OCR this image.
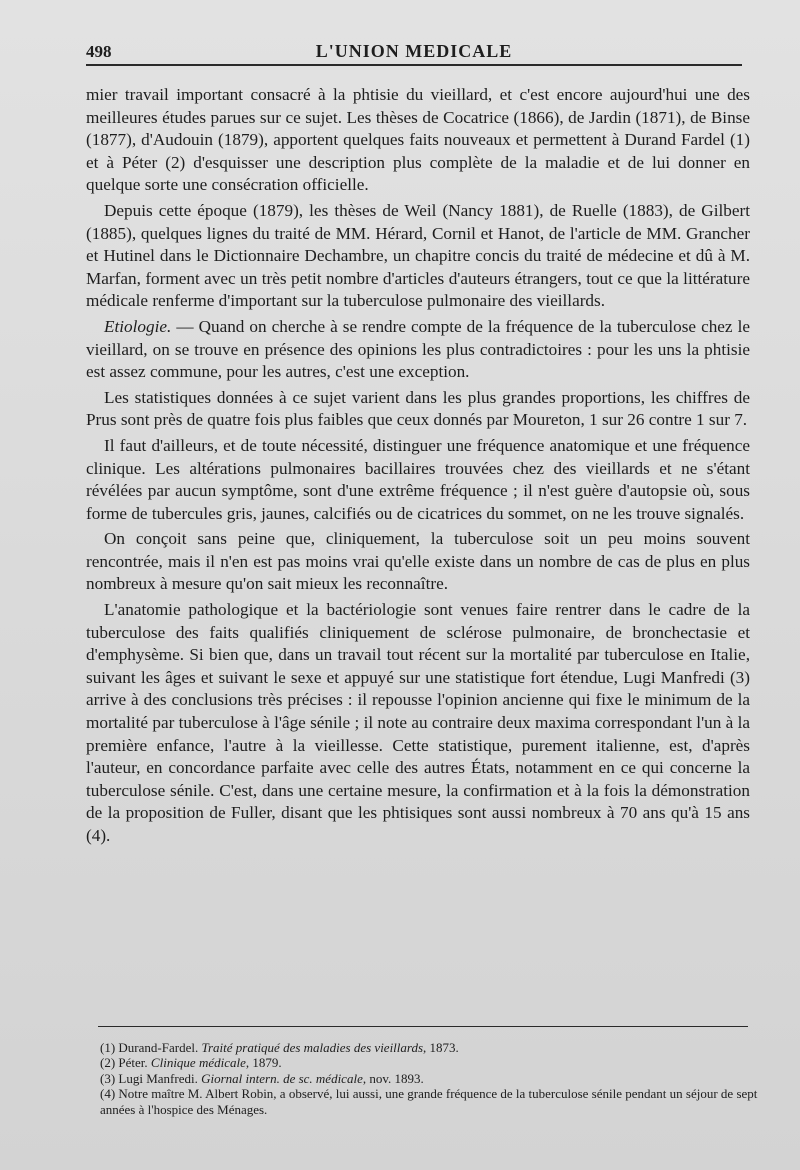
498	L'UNION MEDICALE

mier travail important consacré à la phtisie du vieillard, et c'est encore aujourd'hui une des meilleures études parues sur ce sujet. Les thèses de Cocatrice (1866), de Jardin (1871), de Binse (1877), d'Audouin (1879), apportent quelques faits nouveaux et permettent à Durand Fardel (1) et à Péter (2) d'esquisser une description plus complète de la maladie et de lui donner en quelque sorte une consécration officielle.

Depuis cette époque (1879), les thèses de Weil (Nancy 1881), de Ruelle (1883), de Gilbert (1885), quelques lignes du traité de MM. Hérard, Cornil et Hanot, de l'article de MM. Grancher et Hutinel dans le Dictionnaire Dechambre, un chapitre concis du traité de médecine et dû à M. Marfan, forment avec un très petit nombre d'articles d'auteurs étrangers, tout ce que la littérature médicale renferme d'important sur la tuberculose pulmonaire des vieillards.

Etiologie. — Quand on cherche à se rendre compte de la fréquence de la tuberculose chez le vieillard, on se trouve en présence des opinions les plus contradictoires : pour les uns la phtisie est assez commune, pour les autres, c'est une exception.

Les statistiques données à ce sujet varient dans les plus grandes proportions, les chiffres de Prus sont près de quatre fois plus faibles que ceux donnés par Moureton, 1 sur 26 contre 1 sur 7.

Il faut d'ailleurs, et de toute nécessité, distinguer une fréquence anatomique et une fréquence clinique. Les altérations pulmonaires bacillaires trouvées chez des vieillards et ne s'étant révélées par aucun symptôme, sont d'une extrême fréquence ; il n'est guère d'autopsie où, sous forme de tubercules gris, jaunes, calcifiés ou de cicatrices du sommet, on ne les trouve signalés.

On conçoit sans peine que, cliniquement, la tuberculose soit un peu moins souvent rencontrée, mais il n'en est pas moins vrai qu'elle existe dans un nombre de cas de plus en plus nombreux à mesure qu'on sait mieux les reconnaître.

L'anatomie pathologique et la bactériologie sont venues faire rentrer dans le cadre de la tuberculose des faits qualifiés cliniquement de sclérose pulmonaire, de bronchectasie et d'emphysème. Si bien que, dans un travail tout récent sur la mortalité par tuberculose en Italie, suivant les âges et suivant le sexe et appuyé sur une statistique fort étendue, Lugi Manfredi (3) arrive à des conclusions très précises : il repousse l'opinion ancienne qui fixe le minimum de la mortalité par tuberculose à l'âge sénile ; il note au contraire deux maxima correspondant l'un à la première enfance, l'autre à la vieillesse. Cette statistique, purement italienne, est, d'après l'auteur, en concordance parfaite avec celle des autres États, notamment en ce qui concerne la tuberculose sénile. C'est, dans une certaine mesure, la confirmation et à la fois la démonstration de la proposition de Fuller, disant que les phtisiques sont aussi nombreux à 70 ans qu'à 15 ans (4).

(1) Durand-Fardel. Traité pratiqué des maladies des vieillards, 1873.

(2) Péter. Clinique médicale, 1879.

(3) Lugi Manfredi. Giornal intern. de sc. médicale, nov. 1893.

(4) Notre maître M. Albert Robin, a observé, lui aussi, une grande fréquence de la tuberculose sénile pendant un séjour de sept années à l'hospice des Ménages.
